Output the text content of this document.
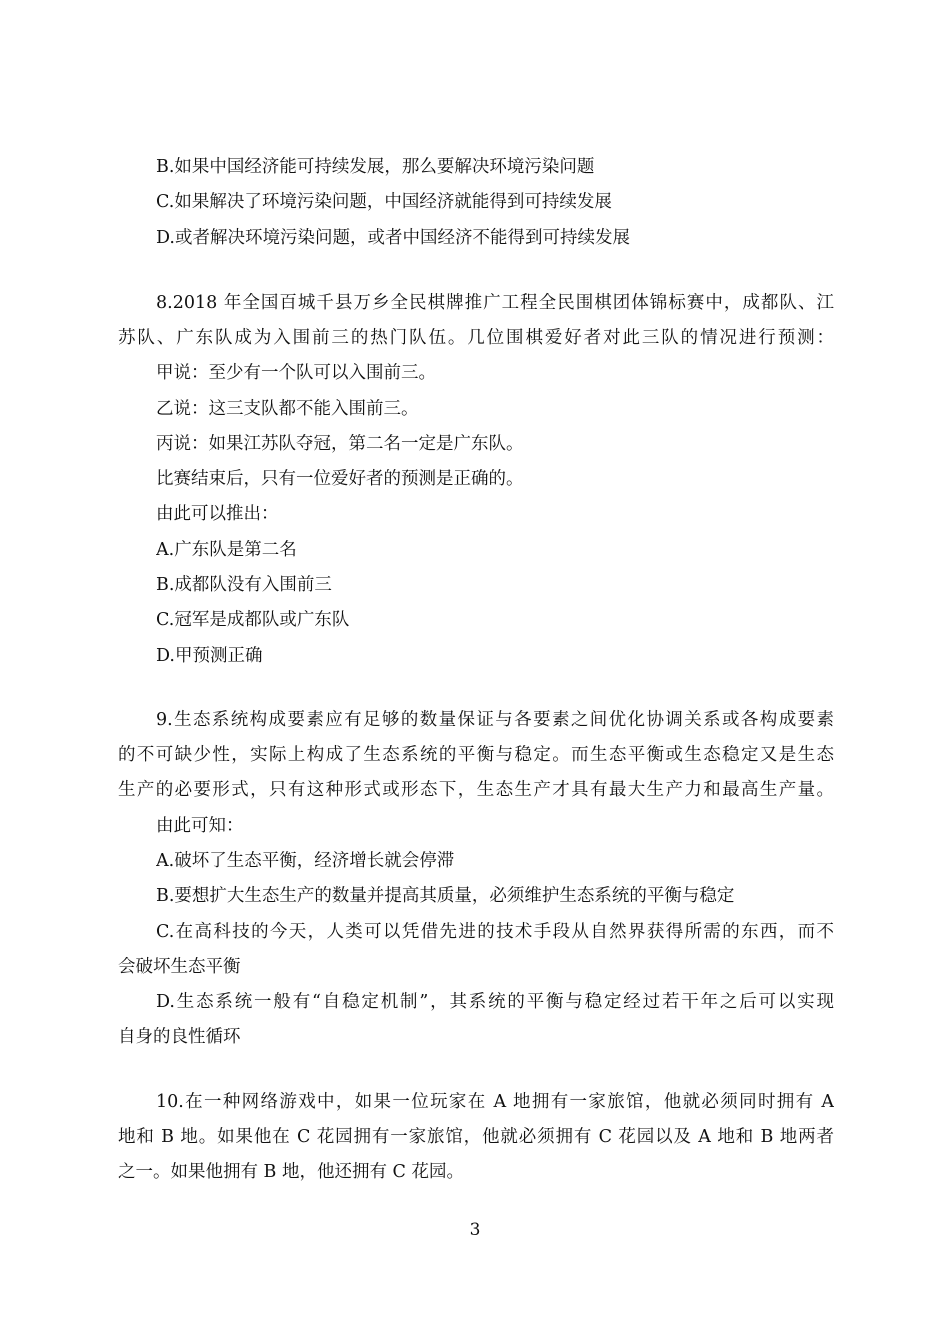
B.如果中国经济能可持续发展，那么要解决环境污染问题
C.如果解决了环境污染问题，中国经济就能得到可持续发展
D.或者解决环境污染问题，或者中国经济不能得到可持续发展
8.2018 年全国百城千县万乡全民棋牌推广工程全民围棋团体锦标赛中，成都队、江
苏队、广东队成为入围前三的热门队伍。几位围棋爱好者对此三队的情况进行预测：
甲说：至少有一个队可以入围前三。
乙说：这三支队都不能入围前三。
丙说：如果江苏队夺冠，第二名一定是广东队。
比赛结束后，只有一位爱好者的预测是正确的。
由此可以推出：
A.广东队是第二名
B.成都队没有入围前三
C.冠军是成都队或广东队
D.甲预测正确
9.生态系统构成要素应有足够的数量保证与各要素之间优化协调关系或各构成要素
的不可缺少性，实际上构成了生态系统的平衡与稳定。而生态平衡或生态稳定又是生态
生产的必要形式，只有这种形式或形态下，生态生产才具有最大生产力和最高生产量。
由此可知：
A.破坏了生态平衡，经济增长就会停滞
B.要想扩大生态生产的数量并提高其质量，必须维护生态系统的平衡与稳定
C.在高科技的今天，人类可以凭借先进的技术手段从自然界获得所需的东西，而不
会破坏生态平衡
D.生态系统一般有“自稳定机制”，其系统的平衡与稳定经过若干年之后可以实现
自身的良性循环
10.在一种网络游戏中，如果一位玩家在 A 地拥有一家旅馆，他就必须同时拥有 A
地和 B 地。如果他在 C 花园拥有一家旅馆，他就必须拥有 C 花园以及 A 地和 B 地两者
之一。如果他拥有 B 地，他还拥有 C 花园。
3
